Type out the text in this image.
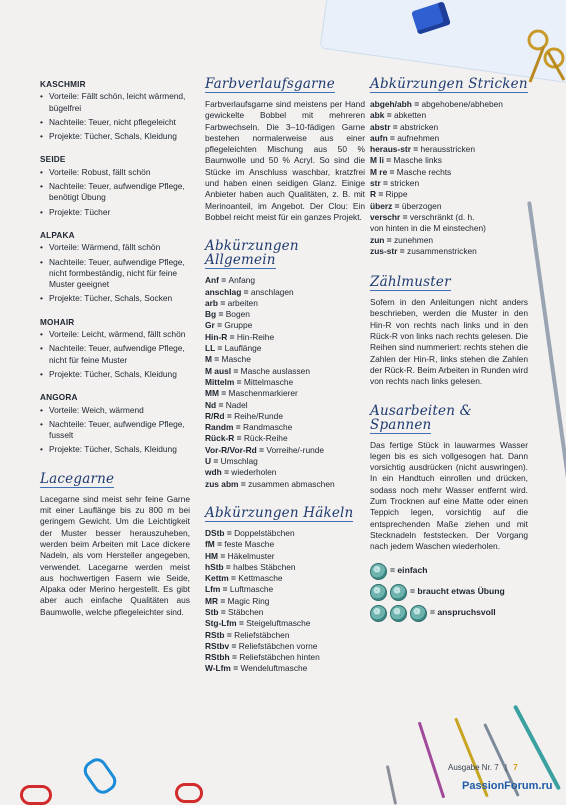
KASCHMIR
• Vorteile: Fällt schön, leicht wärmend, bügelfrei
• Nachteile: Teuer, nicht pflegeleicht
• Projekte: Tücher, Schals, Kleidung
SEIDE
• Vorteile: Robust, fällt schön
• Nachteile: Teuer, aufwendige Pflege, benötigt Übung
• Projekte: Tücher
ALPAKA
• Vorteile: Wärmend, fällt schön
• Nachteile: Teuer, aufwendige Pflege, nicht formbeständig, nicht für feine Muster geeignet
• Projekte: Tücher, Schals, Socken
MOHAIR
• Vorteile: Leicht, wärmend, fällt schön
• Nachteile: Teuer, aufwendige Pflege, nicht für feine Muster
• Projekte: Tücher, Schals, Kleidung
ANGORA
• Vorteile: Weich, wärmend
• Nachteile: Teuer, aufwendige Pflege, fusselt
• Projekte: Tücher, Schals, Kleidung
Lacegarne

Lacegarne sind meist sehr feine Garne mit einer Lauflänge bis zu 800 m bei geringem Gewicht. Um die Leichtigkeit der Muster besser herauszuheben, werden beim Arbeiten mit Lace dickere Nadeln, als vom Hersteller angegeben, verwendet. Lacegarne werden meist aus hochwertigen Fasern wie Seide, Alpaka oder Merino hergestellt. Es gibt aber auch einfache Qualitäten aus Baumwolle, welche pflegeleichter sind.

Farbverlaufsgarne

Farbverlaufsgarne sind meistens per Hand gewickelte Bobbel mit mehreren Farbwechseln. Die 3–10-fädigen Garne bestehen normalerweise aus einer pflegeleichten Mischung aus 50 % Baumwolle und 50 % Acryl. So sind die Stücke im Anschluss waschbar, kratzfrei und haben einen seidigen Glanz. Einige Anbieter haben auch Qualitäten, z. B. mit Merinoanteil, im Angebot. Der Clou: Ein Bobbel reicht meist für ein ganzes Projekt.

Abkürzungen
Allgemein
Anf = Anfang
anschlag = anschlagen
arb = arbeiten
Bg = Bogen
Gr = Gruppe
Hin-R = Hin-Reihe
LL = Lauflänge
M = Masche
M ausl = Masche auslassen
Mittelm = Mittelmasche
MM = Maschenmarkierer
Nd = Nadel
R/Rd = Reihe/Runde
Randm = Randmasche
Rück-R = Rück-Reihe
Vor-R/Vor-Rd = Vorreihe/-runde
U = Umschlag
wdh = wiederholen
zus abm = zusammen abmaschen
Abkürzungen Häkeln
DStb = Doppelstäbchen
fM = feste Masche
HM = Häkelmuster
hStb = halbes Stäbchen
Kettm = Kettmasche
Lfm = Luftmasche
MR = Magic Ring
Stb = Stäbchen
Stg-Lfm = Steigeluftmasche
RStb = Reliefstäbchen
RStbv = Reliefstäbchen vorne
RStbh = Reliefstäbchen hinten
W-Lfm = Wendeluftmasche
Abkürzungen Stricken
abgeh/abh = abgehobene/abheben
abk = abketten
abstr = abstricken
aufn = aufnehmen
heraus-str = herausstricken
M li = Masche links
M re = Masche rechts
str = stricken
R = Rippe
überz = überzogen
verschr = verschränkt (d. h.
von hinten in die M einstechen)
zun = zunehmen
zus-str = zusammenstricken
Zählmuster

Sofern in den Anleitungen nicht anders beschrieben, werden die Muster in den Hin-R von rechts nach links und in den Rück-R von links nach rechts gelesen. Die Reihen sind nummeriert: rechts stehen die Zahlen der Hin-R, links stehen die Zahlen der Rück-R. Beim Arbeiten in Runden wird von rechts nach links gelesen.

Ausarbeiten &
Spannen

Das fertige Stück in lauwarmes Wasser legen bis es sich vollgesogen hat. Dann vorsichtig ausdrücken (nicht auswringen). In ein Handtuch einrollen und drücken, sodass noch mehr Wasser entfernt wird. Zum Trocknen auf eine Matte oder einen Teppich legen, vorsichtig auf die entsprechenden Maße ziehen und mit Stecknadeln feststecken. Der Vorgang nach jedem Waschen wiederholen.

= einfach
= braucht etwas Übung
= anspruchsvoll
Ausgabe Nr. 7 | 7
PassionForum.ru
